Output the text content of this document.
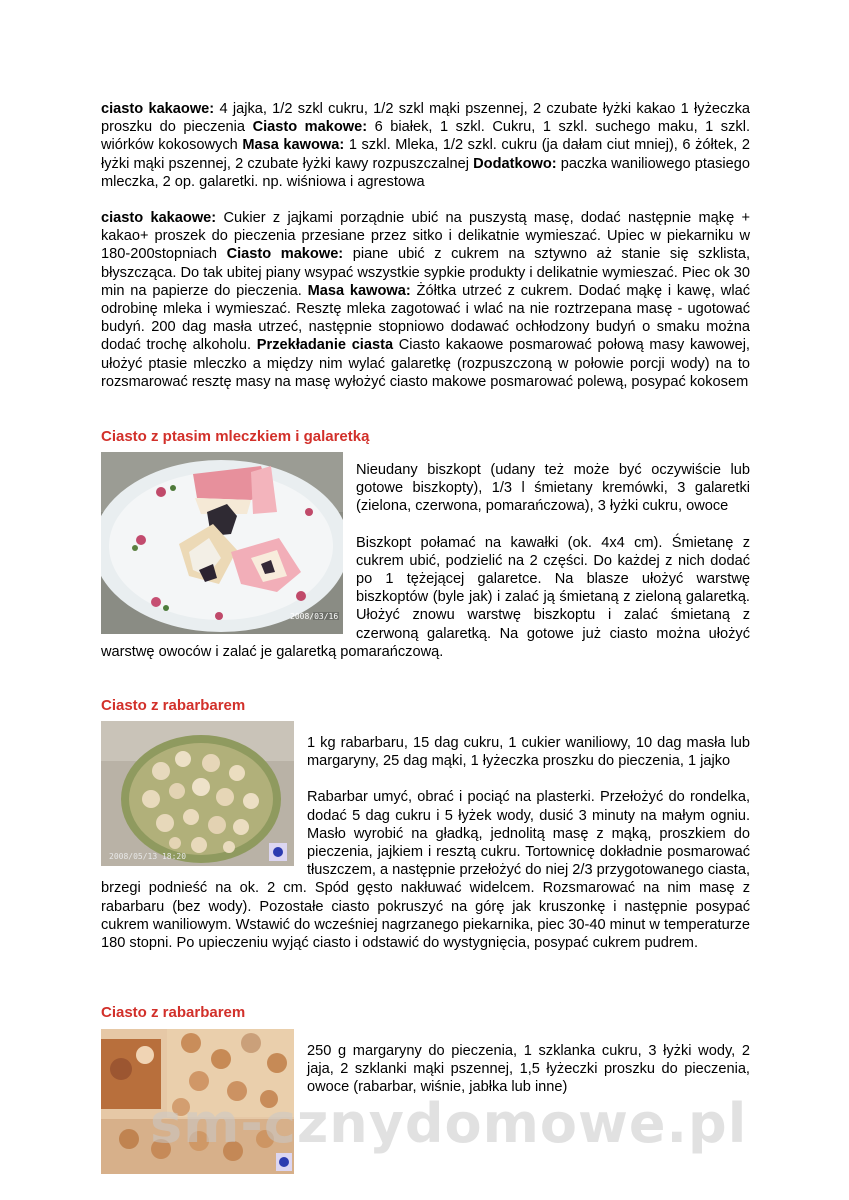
ciasto kakaowe: 4 jajka, 1/2 szkl cukru, 1/2 szkl mąki pszennej, 2 czubate łyżki kakao 1 łyżeczka proszku do pieczenia Ciasto makowe: 6 białek, 1 szkl. Cukru, 1 szkl. suchego maku, 1 szkl. wiórków kokosowych Masa kawowa: 1 szkl. Mleka, 1/2 szkl. cukru (ja dałam ciut mniej), 6 żółtek, 2 łyżki mąki pszennej, 2 czubate łyżki kawy rozpuszczalnej Dodatkowo: paczka waniliowego ptasiego mleczka, 2 op. galaretki. np. wiśniowa i agrestowa
ciasto kakaowe: Cukier z jajkami porządnie ubić na puszystą masę, dodać następnie mąkę + kakao+ proszek do pieczenia przesiane przez sitko i delikatnie wymieszać. Upiec w piekarniku w 180-200stopniach Ciasto makowe: piane ubić z cukrem na sztywno aż stanie się szklista, błyszcząca. Do tak ubitej piany wsypać wszystkie sypkie produkty i delikatnie wymieszać. Piec ok 30 min na papierze do pieczenia. Masa kawowa: Żółtka utrzeć z cukrem. Dodać mąkę i kawę, wlać odrobinę mleka i wymieszać. Resztę mleka zagotować i wlać na nie roztrzepana masę - ugotować budyń. 200 dag masła utrzeć, następnie stopniowo dodawać ochłodzony budyń o smaku można dodać trochę alkoholu. Przekładanie ciasta Ciasto kakaowe posmarować połową masy kawowej, ułożyć ptasie mleczko a między nim wylać galaretkę (rozpuszczoną w połowie porcji wody) na to rozsmarować resztę masy na masę wyłożyć ciasto makowe posmarować polewą, posypać kokosem
Ciasto z ptasim mleczkiem i galaretką
2008/03/16
Nieudany biszkopt (udany też może być oczywiście lub gotowe biszkopty), 1/3 l śmietany kremówki, 3 galaretki (zielona, czerwona, pomarańczowa), 3 łyżki cukru, owoce
Biszkopt połamać na kawałki (ok. 4x4 cm). Śmietanę z cukrem ubić, podzielić na 2 części. Do każdej z nich dodać po 1 tężejącej galaretce. Na blasze ułożyć warstwę biszkoptów (byle jak) i zalać ją śmietaną z zieloną galaretką. Ułożyć znowu warstwę biszkoptu i zalać śmietaną z czerwoną galaretką. Na gotowe już ciasto można ułożyć warstwę owoców i zalać je galaretką pomarańczową.
Ciasto z rabarbarem
2008/05/13 18:20
1 kg rabarbaru, 15 dag cukru, 1 cukier waniliowy, 10 dag masła lub margaryny, 25 dag mąki, 1 łyżeczka proszku do pieczenia, 1 jajko
Rabarbar umyć, obrać i pociąć na plasterki. Przełożyć do rondelka, dodać 5 dag cukru i 5 łyżek wody, dusić 3 minuty na małym ogniu. Masło wyrobić na gładką, jednolitą masę z mąką, proszkiem do pieczenia, jajkiem i resztą cukru. Tortownicę dokładnie posmarować tłuszczem, a następnie przełożyć do niej 2/3 przygotowanego ciasta, brzegi podnieść na ok. 2 cm. Spód gęsto nakłuwać widelcem. Rozsmarować na nim masę z rabarbaru (bez wody). Pozostałe ciasto pokruszyć na górę jak kruszonkę i następnie posypać cukrem waniliowym. Wstawić do wcześniej nagrzanego piekarnika, piec 30-40 minut w temperaturze 180 stopni. Po upieczeniu wyjąć ciasto i odstawić do wystygnięcia, posypać cukrem pudrem.
Ciasto z rabarbarem
250 g margaryny do pieczenia, 1 szklanka cukru, 3 łyżki wody, 2 jaja, 2 szklanki mąki pszennej, 1,5 łyżeczki proszku do pieczenia, owoce (rabarbar, wiśnie, jabłka lub inne)
sm-cznydomowe.pl
